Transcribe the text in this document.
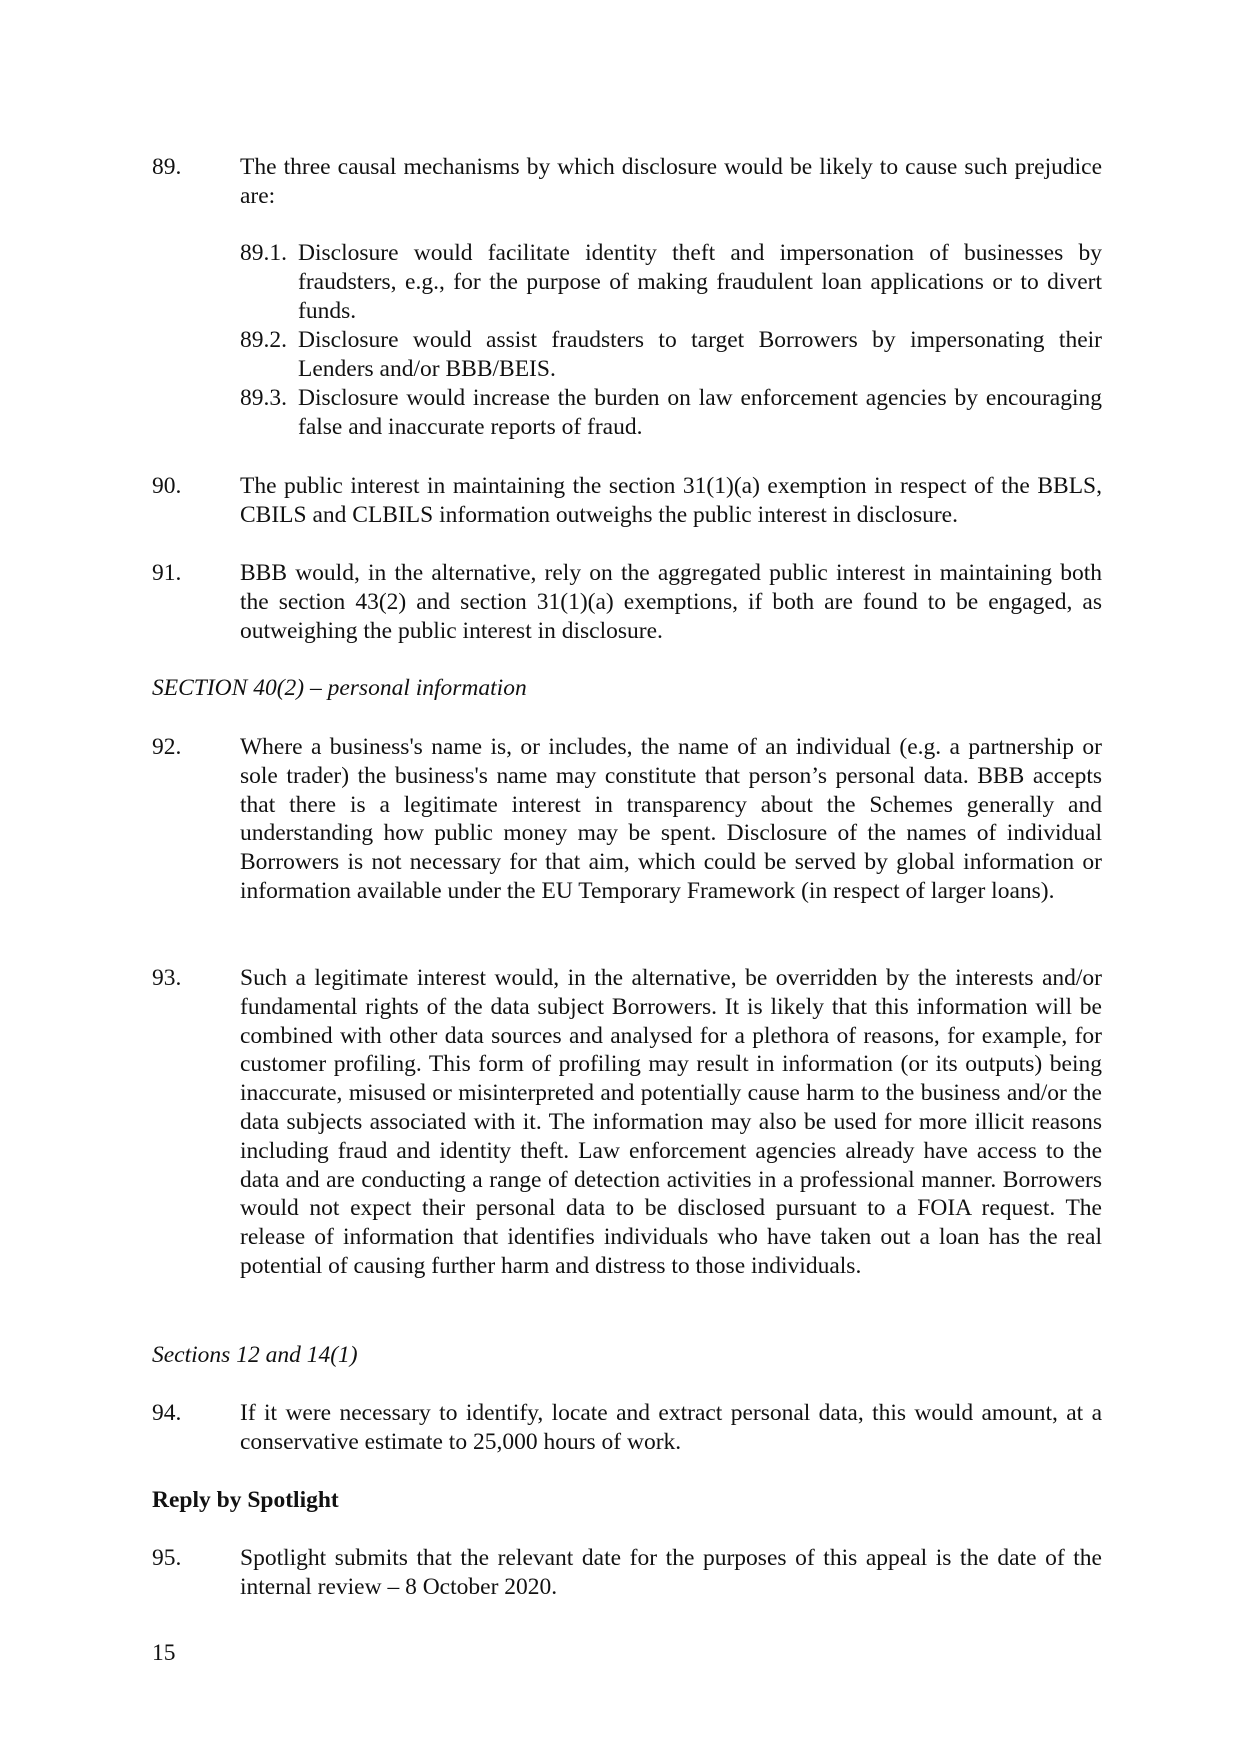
89. The three causal mechanisms by which disclosure would be likely to cause such prejudice are:
89.1. Disclosure would facilitate identity theft and impersonation of businesses by fraudsters, e.g., for the purpose of making fraudulent loan applications or to divert funds.
89.2. Disclosure would assist fraudsters to target Borrowers by impersonating their Lenders and/or BBB/BEIS.
89.3. Disclosure would increase the burden on law enforcement agencies by encouraging false and inaccurate reports of fraud.
90. The public interest in maintaining the section 31(1)(a) exemption in respect of the BBLS, CBILS and CLBILS information outweighs the public interest in disclosure.
91. BBB would, in the alternative, rely on the aggregated public interest in maintaining both the section 43(2) and section 31(1)(a) exemptions, if both are found to be engaged, as outweighing the public interest in disclosure.
SECTION 40(2) – personal information
92. Where a business's name is, or includes, the name of an individual (e.g. a partnership or sole trader) the business's name may constitute that person’s personal data. BBB accepts that there is a legitimate interest in transparency about the Schemes generally and understanding how public money may be spent. Disclosure of the names of individual Borrowers is not necessary for that aim, which could be served by global information or information available under the EU Temporary Framework (in respect of larger loans).
93. Such a legitimate interest would, in the alternative, be overridden by the interests and/or fundamental rights of the data subject Borrowers. It is likely that this information will be combined with other data sources and analysed for a plethora of reasons, for example, for customer profiling. This form of profiling may result in information (or its outputs) being inaccurate, misused or misinterpreted and potentially cause harm to the business and/or the data subjects associated with it. The information may also be used for more illicit reasons including fraud and identity theft. Law enforcement agencies already have access to the data and are conducting a range of detection activities in a professional manner. Borrowers would not expect their personal data to be disclosed pursuant to a FOIA request. The release of information that identifies individuals who have taken out a loan has the real potential of causing further harm and distress to those individuals.
Sections 12 and 14(1)
94. If it were necessary to identify, locate and extract personal data, this would amount, at a conservative estimate to 25,000 hours of work.
Reply by Spotlight
95. Spotlight submits that the relevant date for the purposes of this appeal is the date of the internal review – 8 October 2020.
15
